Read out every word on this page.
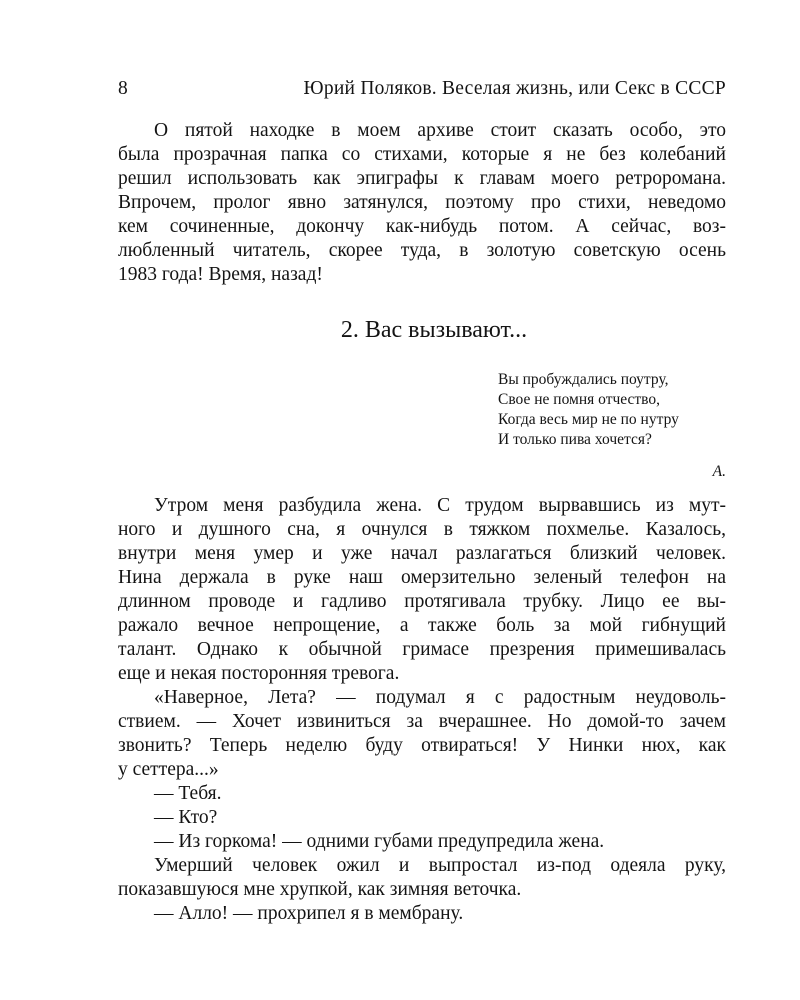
8	Юрий Поляков. Веселая жизнь, или Секс в СССР
О пятой находке в моем архиве стоит сказать особо, это
была прозрачная папка со стихами, которые я не без колебаний
решил использовать как эпиграфы к главам моего ретроромана.
Впрочем, пролог явно затянулся, поэтому про стихи, неведомо
кем сочиненные, докончу как-нибудь потом. А сейчас, воз-
любленный читатель, скорее туда, в золотую советскую осень
1983 года! Время, назад!
2. Вас вызывают...
Вы пробуждались поутру,
Свое не помня отчество,
Когда весь мир не по нутру
И только пива хочется?
А.
Утром меня разбудила жена. С трудом вырвавшись из мут-
ного и душного сна, я очнулся в тяжком похмелье. Казалось,
внутри меня умер и уже начал разлагаться близкий человек.
Нина держала в руке наш омерзительно зеленый телефон на
длинном проводе и гадливо протягивала трубку. Лицо ее вы-
ражало вечное непрощение, а также боль за мой гибнущий
талант. Однако к обычной гримасе презрения примешивалась
еще и некая посторонняя тревога.
«Наверное, Лета? — подумал я с радостным неудоволь-
ствием. — Хочет извиниться за вчерашнее. Но домой-то зачем
звонить? Теперь неделю буду отвираться! У Нинки нюх, как
у сеттера...»
— Тебя.
— Кто?
— Из горкома! — одними губами предупредила жена.
Умерший человек ожил и выпростал из-под одеяла руку,
показавшуюся мне хрупкой, как зимняя веточка.
— Алло! — прохрипел я в мембрану.
